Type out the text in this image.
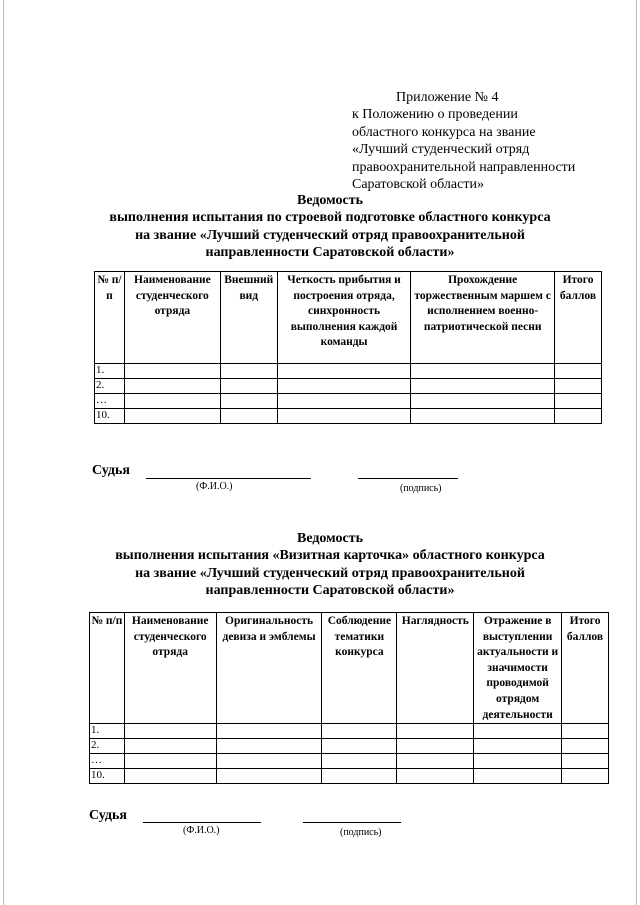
Приложение № 4
к Положению о проведении
областного конкурса на звание
«Лучший студенческий отряд
правоохранительной направленности
Саратовской области»
Ведомость
выполнения испытания по строевой подготовке областного конкурса
на звание «Лучший студенческий отряд правоохранительной
направленности Саратовской области»
№ п/п	Наименование студенческого отряда	Внешний вид	Четкость прибытия и построения отряда, синхронность выполнения каждой команды	Прохождение торжественным маршем с исполнением военно-патриотической песни	Итого баллов
1.					
2.					
…					
10.					
Судья
(Ф.И.О.)	(подпись)
Ведомость
выполнения испытания «Визитная карточка» областного конкурса
на звание «Лучший студенческий отряд правоохранительной
направленности Саратовской области»
№ п/п	Наименование студенческого отряда	Оригинальность девиза и эмблемы	Соблюдение тематики конкурса	Наглядность	Отражение в выступлении актуальности и значимости проводимой отрядом деятельности	Итого баллов
1.						
2.						
…						
10.						
Судья
(Ф.И.О.)	(подпись)
